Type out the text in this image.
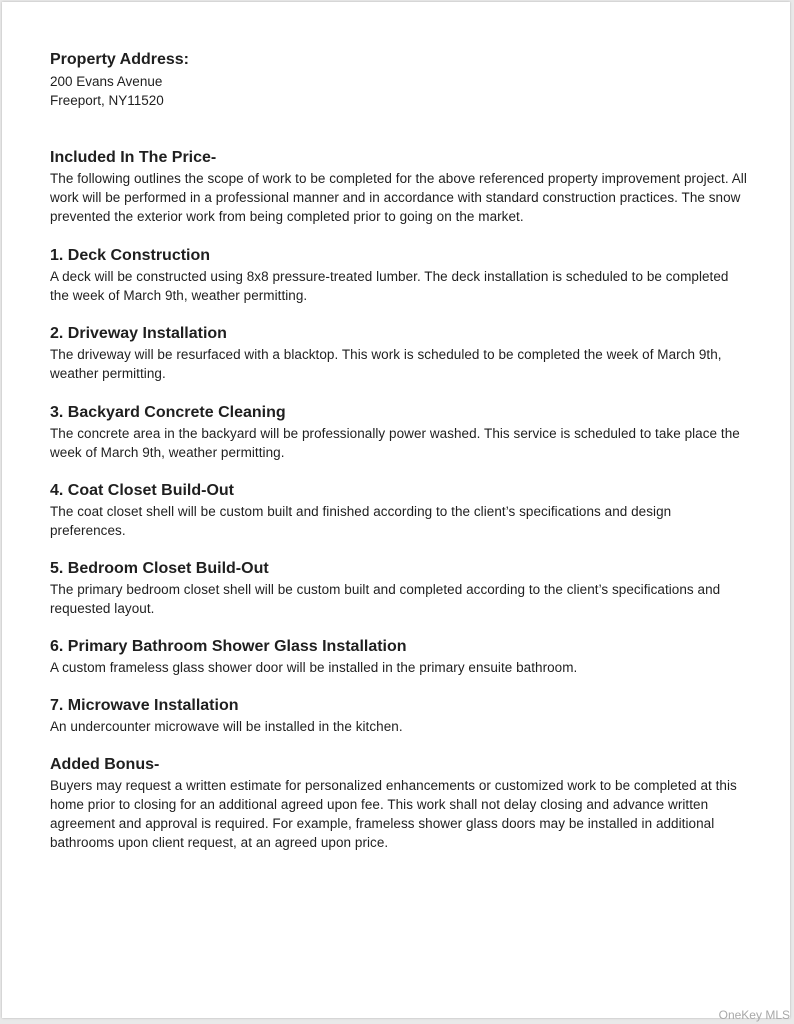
Property Address:
200 Evans Avenue
Freeport, NY11520
Included In The Price-
The following outlines the scope of work to be completed for the above referenced property improvement project. All work will be performed in a professional manner and in accordance with standard construction practices. The snow prevented the exterior work from being completed prior to going on the market.
1. Deck Construction
A deck will be constructed using 8x8 pressure-treated lumber. The deck installation is scheduled to be completed the week of March 9th, weather permitting.
2. Driveway Installation
The driveway will be resurfaced with a blacktop. This work is scheduled to be completed the week of March 9th, weather permitting.
3. Backyard Concrete Cleaning
The concrete area in the backyard will be professionally power washed. This service is scheduled to take place the week of March 9th, weather permitting.
4. Coat Closet Build-Out
The coat closet shell will be custom built and finished according to the client’s specifications and design preferences.
5. Bedroom Closet Build-Out
The primary bedroom closet shell will be custom built and completed according to the client’s specifications and requested layout.
6. Primary Bathroom Shower Glass Installation
A custom frameless glass shower door will be installed in the primary ensuite bathroom.
7. Microwave Installation
An undercounter microwave will be installed in the kitchen.
Added Bonus-
Buyers may request a written estimate for personalized enhancements or customized work to be completed at this home prior to closing for an additional agreed upon fee. This work shall not delay closing and advance written agreement and approval is required. For example, frameless shower glass doors may be installed in additional bathrooms upon client request, at an agreed upon price.
OneKey MLS
